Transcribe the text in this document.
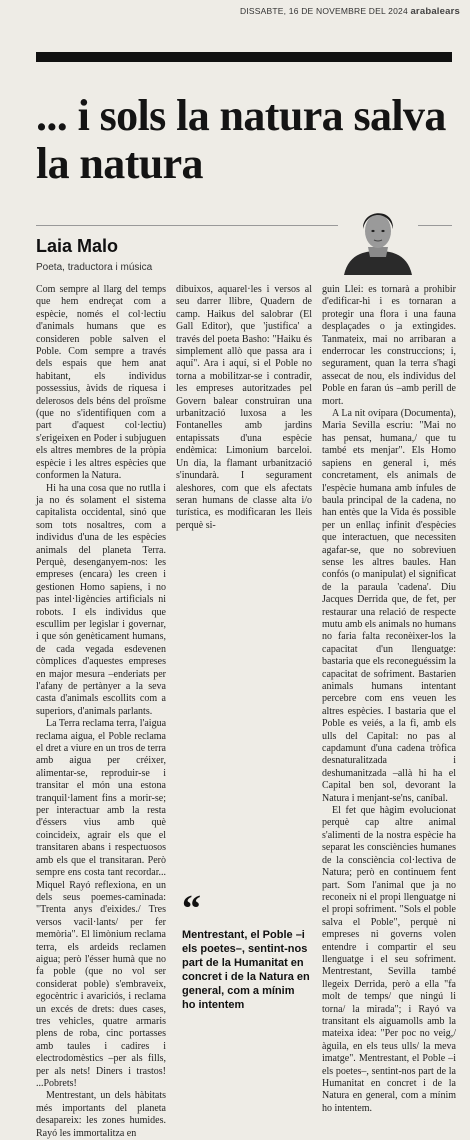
DISSABTE, 16 DE NOVEMBRE DEL 2024 arabalears
... i sols la natura salva la natura
Laia Malo
Poeta, traductora i música

Com sempre al llarg del temps que hem endreçat com a espècie, només el col·lectiu d'animals humans que es consideren poble salven el Poble. Com sempre a través dels espais que hem anat habitant, els individus possessius, àvids de riquesa i delerosos dels béns del proïsme (que no s'identifiquen com a part d'aquest col·lectiu) s'erigeixen en Poder i subjuguen els altres membres de la pròpia espècie i les altres espècies que conformen la Natura.

Hi ha una cosa que no rutlla i ja no és solament el sistema capitalista occidental, sinó que som tots nosaltres, com a individus d'una de les espècies animals del planeta Terra. Perquè, desenganyem-nos: les empreses (encara) les creen i gestionen Homo sapiens, i no pas intel·ligències artificials ni robots. I els individus que escullim per legislar i governar, i que són genèticament humans, de cada vegada esdevenen còmplices d'aquestes empreses en major mesura –enderiats per l'afany de pertànyer a la seva casta d'animals escollits com a superiors, d'animals parlants.

La Terra reclama terra, l'aigua reclama aigua, el Poble reclama el dret a viure en un tros de terra amb aigua per créixer, alimentar-se, reproduir-se i transitar el món una estona tranquil·lament fins a morir-se; per interactuar amb la resta d'éssers vius amb què coincideix, agrair els que el transitaren abans i respectuosos amb els que el transitaran. Però sempre ens costa tant recordar... Miquel Rayó reflexiona, en un dels seus poemes-caminada: "Trenta anys d'eixides./ Tres versos vacil·lants/ per fer memòria". El limònium reclama terra, els ardeids reclamen aigua; però l'ésser humà que no fa poble (que no vol ser considerat poble) s'embraveix, egocèntric i avariciós, i reclama un excés de drets: dues cases, tres vehicles, quatre armaris plens de roba, cinc portasses amb taules i cadires i electrodomèstics –per als fills, per als nets! Diners i trastos! ...Pobrets!

Mentrestant, un dels hàbitats més importants del planeta desapareix: les zones humides. Rayó les immortalitza en

dibuixos, aquarel·les i versos al seu darrer llibre, Quadern de camp. Haikus del salobrar (El Gall Editor), que 'justifica' a través del poeta Basho: "Haiku és simplement allò que passa ara i aquí". Ara i aquí, si el Poble no torna a mobilitzar-se i contradir, les empreses autoritzades pel Govern balear construiran una urbanització luxosa a les Fontanelles amb jardins entapissats d'una espècie endèmica: Limonium barceloi. Un dia, la flamant urbanització s'inundarà. I segurament aleshores, com que els afectats seran humans de classe alta i/o turística, es modificaran les lleis perquè si-

“
Mentrestant, el Poble –i els poetes–, sentint-nos part de la Humanitat en concret i de la Natura en general, com a mínim ho intentem

guin Llei: es tornarà a prohibir d'edificar-hi i es tornaran a protegir una flora i una fauna desplaçades o ja extingides. Tanmateix, mai no arribaran a enderrocar les construccions; i, segurament, quan la terra s'hagi assecat de nou, els individus del Poble en faran ús –amb perill de mort.

A La nit ovípara (Documenta), Maria Sevilla escriu: "Mai no has pensat, humana,/ que tu també ets menjar". Els Homo sapiens en general i, més concretament, els animals de l'espècie humana amb ínfules de baula principal de la cadena, no han entès que la Vida és possible per un enllaç infinit d'espècies que interactuen, que necessiten agafar-se, que no sobreviuen sense les altres baules. Han confós (o manipulat) el significat de la paraula 'cadena'. Diu Jacques Derrida que, de fet, per restaurar una relació de respecte mutu amb els animals no humans no faria falta reconèixer-los la capacitat d'un llenguatge: bastaria que els reconeguéssim la capacitat de sofriment. Bastarien animals humans intentant percebre com ens veuen les altres espècies. I bastaria que el Poble es veiés, a la fi, amb els ulls del Capital: no pas al capdamunt d'una cadena tròfica desnaturalitzada i deshumanitzada –allà hi ha el Capital ben sol, devorant la Natura i menjant-se'ns, caníbal.

El fet que hàgim evolucionat perquè cap altre animal s'alimenti de la nostra espècie ha separat les consciències humanes de la consciència col·lectiva de Natura; però en continuem fent part. Som l'animal que ja no reconeix ni el propi llenguatge ni el propi sofriment. "Sols el poble salva el Poble", perquè ni empreses ni governs volen entendre i compartir el seu llenguatge i el seu sofriment. Mentrestant, Sevilla també llegeix Derrida, però a ella "fa molt de temps/ que ningú li torna/ la mirada"; i Rayó va transitant els aiguamolls amb la mateixa idea: "Per poc no veig,/ àguila, en els teus ulls/ la meva imatge". Mentrestant, el Poble –i els poetes–, sentint-nos part de la Humanitat en concret i de la Natura en general, com a mínim ho intentem.
